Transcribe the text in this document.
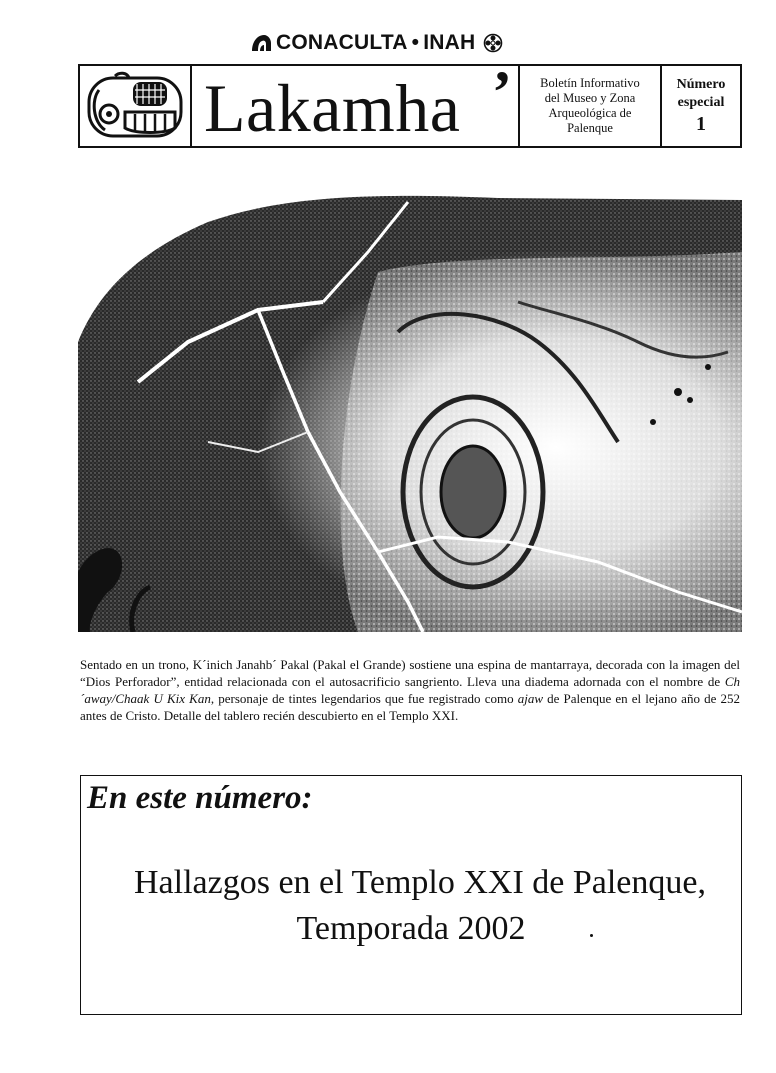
CONACULTA • INAH
Lakamha ’	Boletín Informativo
del Museo y Zona
Arqueológica de
Palenque
Número
especial
1
Sentado en un trono, K´inich Janahb´ Pakal (Pakal el Grande) sostiene una espina de mantarraya, decorada con la imagen del “Dios Perforador”, entidad relacionada con el autosacrificio sangriento. Lleva una diadema adornada con el nombre de Ch´away/Chaak U Kix Kan, personaje de tintes legendarios que fue registrado como ajaw de Palenque en el lejano año de 252 antes de Cristo. Detalle del tablero recién descubierto en el Templo XXI.
En este número:
Hallazgos en el Templo XXI de Palenque,
Temporada 2002
